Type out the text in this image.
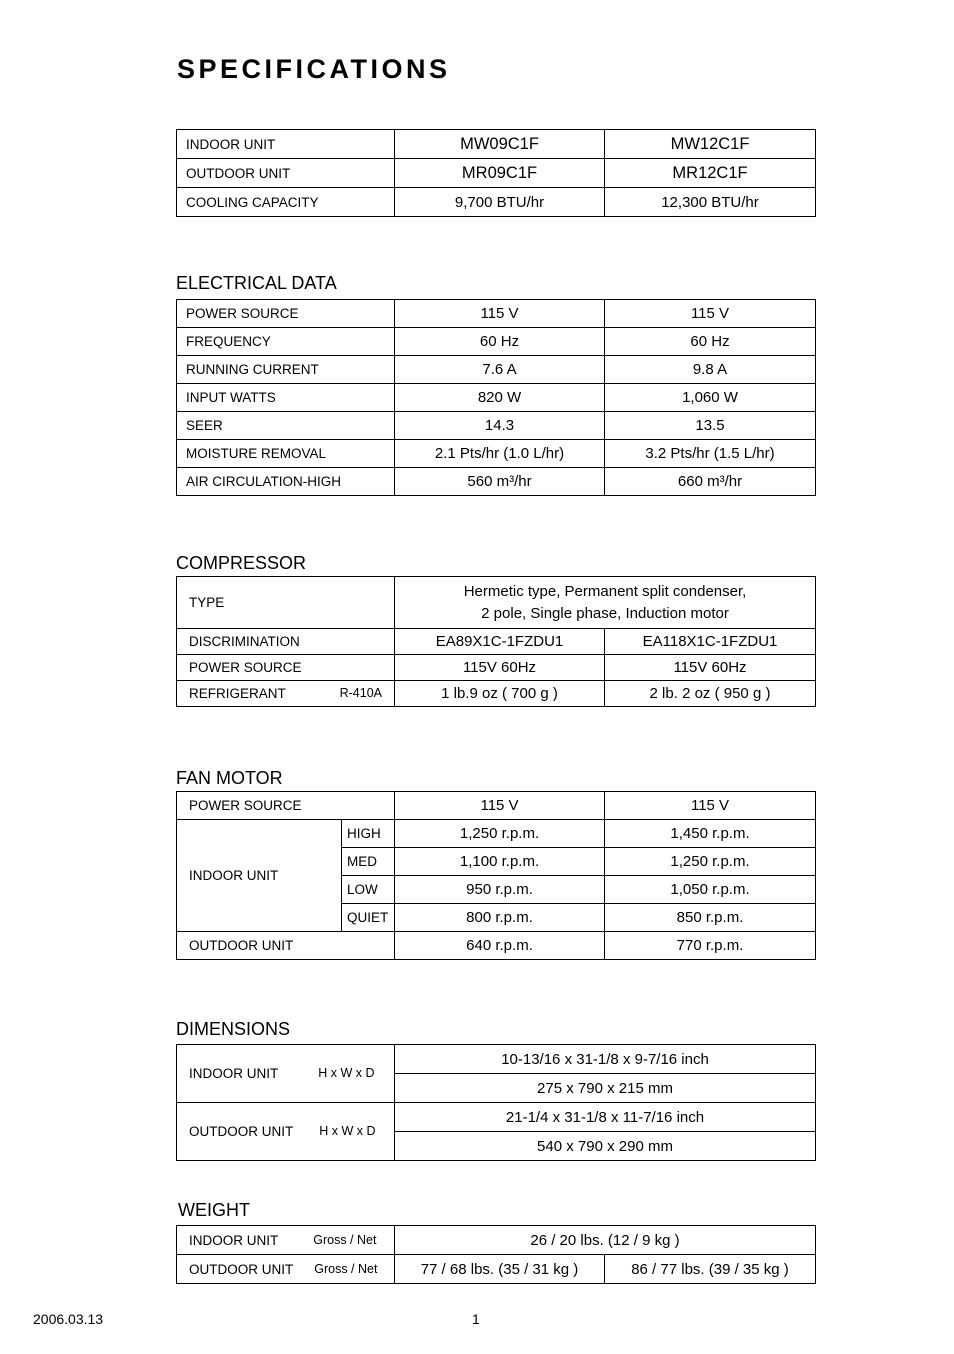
SPECIFICATIONS
INDOOR UNIT	MW09C1F	MW12C1F
OUTDOOR UNIT	MR09C1F	MR12C1F
COOLING CAPACITY	9,700 BTU/hr	12,300 BTU/hr
ELECTRICAL DATA
POWER SOURCE	115 V	115 V
FREQUENCY	60 Hz	60 Hz
RUNNING CURRENT	7.6 A	9.8 A
INPUT WATTS	820 W	1,060 W
SEER	14.3	13.5
MOISTURE REMOVAL	2.1 Pts/hr (1.0 L/hr)	3.2 Pts/hr (1.5 L/hr)
AIR CIRCULATION-HIGH	560 m³/hr	660 m³/hr
COMPRESSOR
TYPE	Hermetic type, Permanent split condenser,
2 pole, Single phase, Induction motor	

DISCRIMINATION	EA89X1C-1FZDU1	EA118X1C-1FZDU1
POWER SOURCE	115V 60Hz	115V 60Hz

REFRIGERANT R-410A	1 lb.9 oz ( 700 g )	2 lb. 2 oz ( 950 g )
FAN MOTOR
POWER SOURCE		115 V	115 V
INDOOR UNIT	HIGH	1,250 r.p.m.	1,450 r.p.m.
	MED	1,100 r.p.m.	1,250 r.p.m.
	LOW	950 r.p.m.	1,050 r.p.m.
	QUIET	800 r.p.m.	850 r.p.m.
OUTDOOR UNIT		640 r.p.m.	770 r.p.m.
DIMENSIONS
INDOOR UNIT H x W x D	10-13/16 x 31-1/8 x 9-7/16 inch
	275 x 790 x 215 mm

OUTDOOR UNIT H x W x D	21-1/4 x 31-1/8 x 11-7/16 inch
	540 x 790 x 290 mm
WEIGHT
INDOOR UNIT Gross / Net	26 / 20 lbs. (12 / 9 kg )	

OUTDOOR UNIT Gross / Net	77 / 68 lbs. (35 / 31 kg )	86 / 77 lbs. (39 / 35 kg )
2006.03.13	1
